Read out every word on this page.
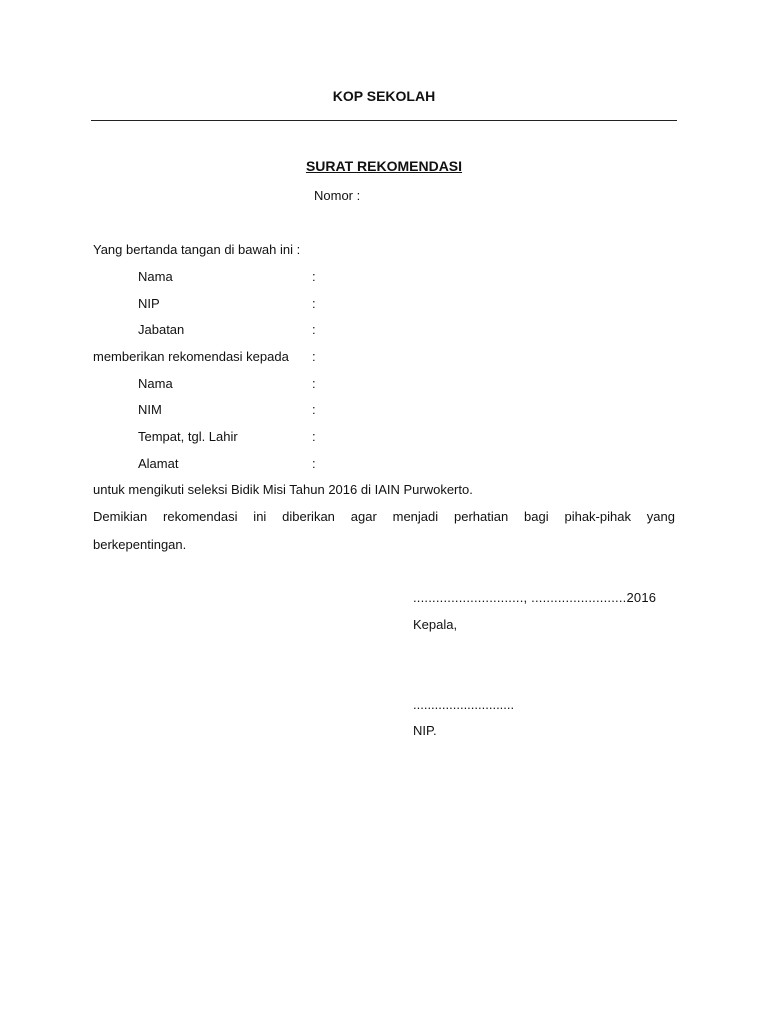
KOP SEKOLAH
SURAT REKOMENDASI
Nomor :
Yang bertanda tangan di bawah ini :
Nama	:
NIP	:
Jabatan	:
memberikan rekomendasi kepada :
Nama	:
NIM	:
Tempat, tgl. Lahir	:
Alamat	:
untuk mengikuti seleksi Bidik Misi Tahun 2016 di IAIN Purwokerto.
Demikian rekomendasi ini diberikan agar menjadi perhatian bagi pihak-pihak yang
berkepentingan.
............................., .........................2016
Kepala,
............................
NIP.
